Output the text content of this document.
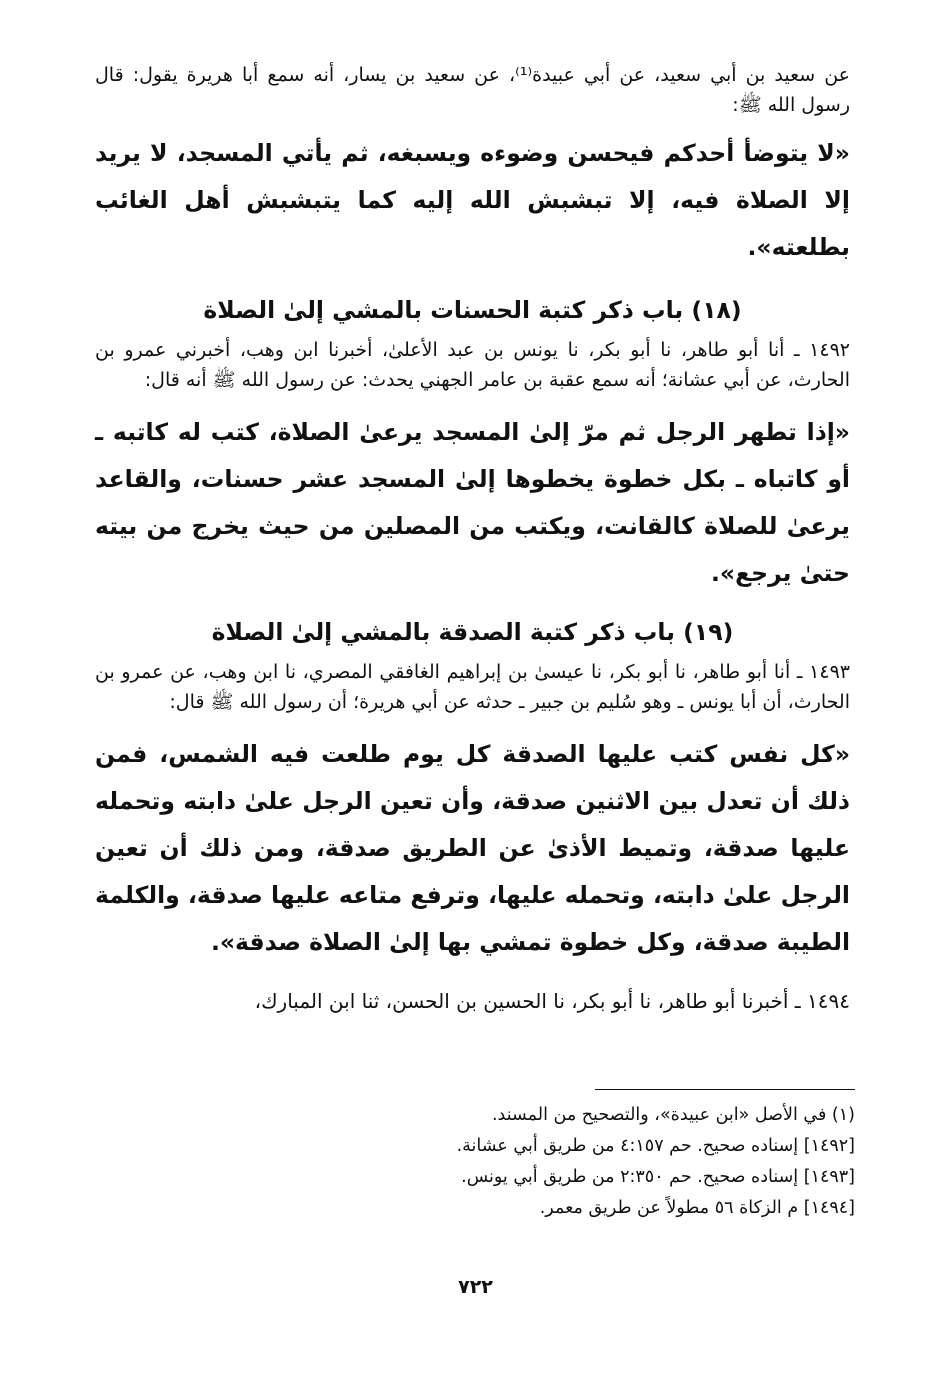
عن سعيد بن أبي سعيد، عن أبي عبيدة⁽¹⁾، عن سعيد بن يسار، أنه سمع أبا هريرة يقول: قال رسول الله ﷺ:

«لا يتوضأ أحدكم فيحسن وضوءه ويسبغه، ثم يأتي المسجد، لا يريد إلا الصلاة فيه، إلا تبشبش الله إليه كما يتبشبش أهل الغائب بطلعته».

(١٨) باب ذكر كتبة الحسنات بالمشي إلىٰ الصلاة

١٤٩٢ ـ أنا أبو طاهر، نا أبو بكر، نا يونس بن عبد الأعلىٰ، أخبرنا ابن وهب، أخبرني عمرو بن الحارث، عن أبي عشانة؛ أنه سمع عقبة بن عامر الجهني يحدث: عن رسول الله ﷺ أنه قال:

«إذا تطهر الرجل ثم مرّ إلىٰ المسجد يرعىٰ الصلاة، كتب له كاتبه ـ أو كاتباه ـ بكل خطوة يخطوها إلىٰ المسجد عشر حسنات، والقاعد يرعىٰ للصلاة كالقانت، ويكتب من المصلين من حيث يخرج من بيته حتىٰ يرجع».

(١٩) باب ذكر كتبة الصدقة بالمشي إلىٰ الصلاة

١٤٩٣ ـ أنا أبو طاهر، نا أبو بكر، نا عيسىٰ بن إبراهيم الغافقي المصري، نا ابن وهب، عن عمرو بن الحارث، أن أبا يونس ـ وهو سُليم بن جبير ـ حدثه عن أبي هريرة؛ أن رسول الله ﷺ قال:

«كل نفس كتب عليها الصدقة كل يوم طلعت فيه الشمس، فمن ذلك أن تعدل بين الاثنين صدقة، وأن تعين الرجل علىٰ دابته وتحمله عليها صدقة، وتميط الأذىٰ عن الطريق صدقة، ومن ذلك أن تعين الرجل علىٰ دابته، وتحمله عليها، وترفع متاعه عليها صدقة، والكلمة الطيبة صدقة، وكل خطوة تمشي بها إلىٰ الصلاة صدقة».

١٤٩٤ ـ أخبرنا أبو طاهر، نا أبو بكر، نا الحسين بن الحسن، ثنا ابن المبارك،

(١) في الأصل «ابن عبيدة»، والتصحيح من المسند.
[١٤٩٢] إسناده صحيح. حم ٤:١٥٧ من طريق أبي عشانة.
[١٤٩٣] إسناده صحيح. حم ٢:٣٥٠ من طريق أبي يونس.
[١٤٩٤] م الزكاة ٥٦ مطولاً عن طريق معمر.
٧٢٢
